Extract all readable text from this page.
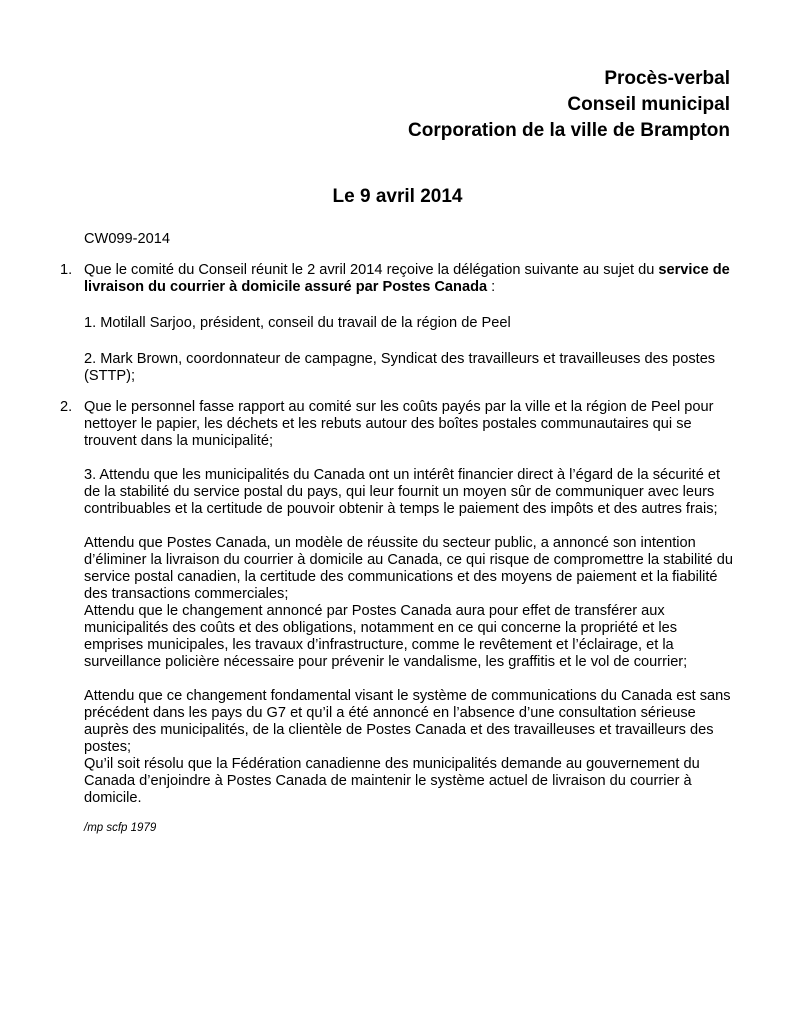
Procès-verbal
Conseil municipal
Corporation de la ville de Brampton
Le 9 avril 2014
CW099-2014
1. Que le comité du Conseil réunit le 2 avril 2014 reçoive la délégation suivante au sujet du service de livraison du courrier à domicile assuré par Postes Canada :

1. Motilall Sarjoo, président, conseil du travail de la région de Peel

2. Mark Brown, coordonnateur de campagne, Syndicat des travailleurs et travailleuses des postes (STTP);

2. Que le personnel fasse rapport au comité sur les coûts payés par la ville et la région de Peel pour nettoyer le papier, les déchets et les rebuts autour des boîtes postales communautaires qui se trouvent dans la municipalité;

3. Attendu que les municipalités du Canada ont un intérêt financier direct à l’égard de la sécurité et de la stabilité du service postal du pays, qui leur fournit un moyen sûr de communiquer avec leurs contribuables et la certitude de pouvoir obtenir à temps le paiement des impôts et des autres frais;

Attendu que Postes Canada, un modèle de réussite du secteur public, a annoncé son intention d’éliminer la livraison du courrier à domicile au Canada, ce qui risque de compromettre la stabilité du service postal canadien, la certitude des communications et des moyens de paiement et la fiabilité des transactions commerciales;

Attendu que le changement annoncé par Postes Canada aura pour effet de transférer aux municipalités des coûts et des obligations, notamment en ce qui concerne la propriété et les emprises municipales, les travaux d’infrastructure, comme le revêtement et l’éclairage, et la surveillance policière nécessaire pour prévenir le vandalisme, les graffitis et le vol de courrier;

Attendu que ce changement fondamental visant le système de communications du Canada est sans précédent dans les pays du G7 et qu’il a été annoncé en l’absence d’une consultation sérieuse auprès des municipalités, de la clientèle de Postes Canada et des travailleuses et travailleurs des postes;

Qu’il soit résolu que la Fédération canadienne des municipalités demande au gouvernement du Canada d’enjoindre à Postes Canada de maintenir le système actuel de livraison du courrier à domicile.

/mp scfp 1979
